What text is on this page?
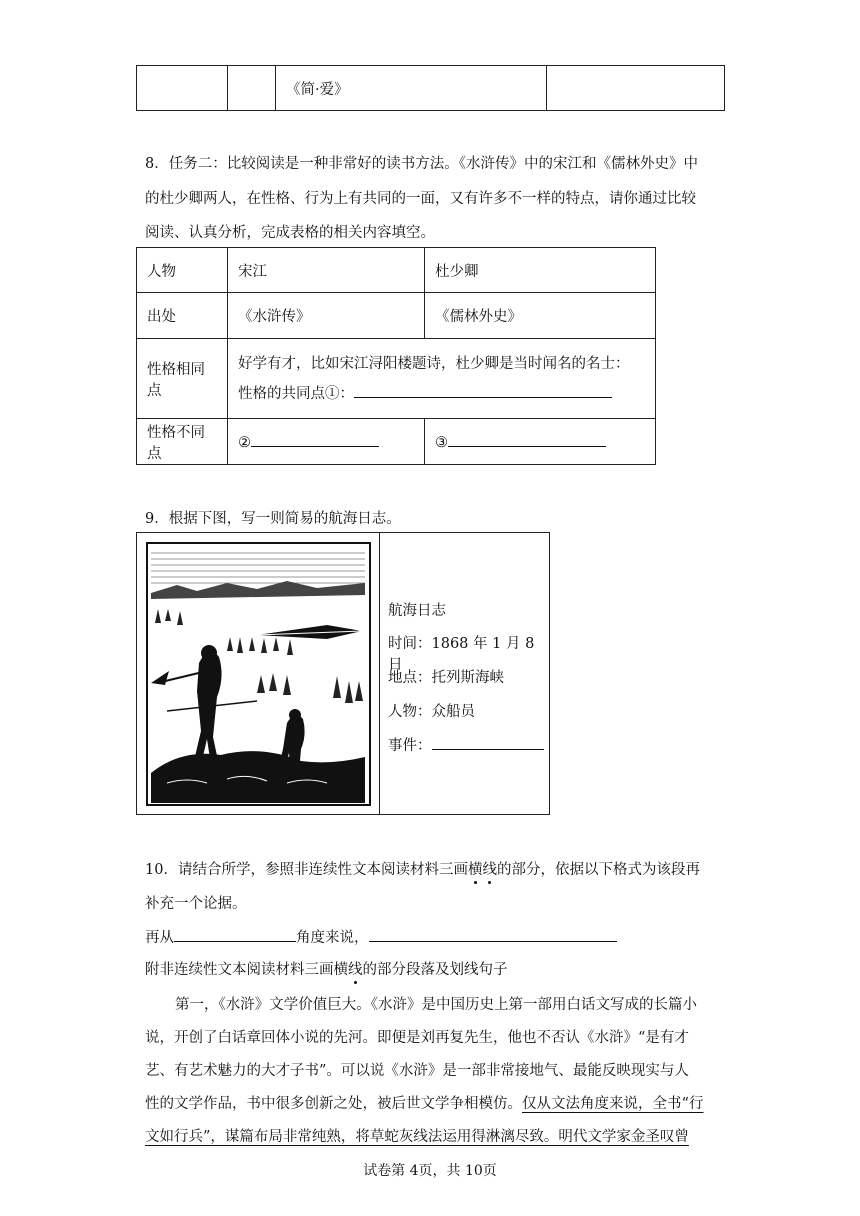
		《简·爱》	
8．任务二：比较阅读是一种非常好的读书方法。《水浒传》中的宋江和《儒林外史》中
的杜少卿两人，在性格、行为上有共同的一面，又有许多不一样的特点，请你通过比较
阅读、认真分析，完成表格的相关内容填空。
人物	宋江	杜少卿
出处	《水浒传》	《儒林外史》
性格相同点	好学有才，比如宋江浔阳楼题诗，杜少卿是当时闻名的名士：
性格的共同点①：	

性格不同点	②	③
9．根据下图，写一则简易的航海日志。
航海日志
时间：1868 年 1 月 8 日
地点：托列斯海峡
人物：众船员
事件：
10．请结合所学，参照非连续性文本阅读材料三画横线的部分，依据以下格式为该段再
补充一个论据。
再从	角度来说，
附非连续性文本阅读材料三画横线的部分段落及划线句子
第一，《水浒》文学价值巨大。《水浒》是中国历史上第一部用白话文写成的长篇小
说，开创了白话章回体小说的先河。即便是刘再复先生，他也不否认《水浒》“是有才
艺、有艺术魅力的大才子书”。可以说《水浒》是一部非常接地气、最能反映现实与人
性的文学作品，书中很多创新之处，被后世文学争相模仿。仅从文法角度来说，全书“行
文如行兵”，谋篇布局非常纯熟，将草蛇灰线法运用得淋漓尽致。明代文学家金圣叹曾
试卷第 4页，共 10页
